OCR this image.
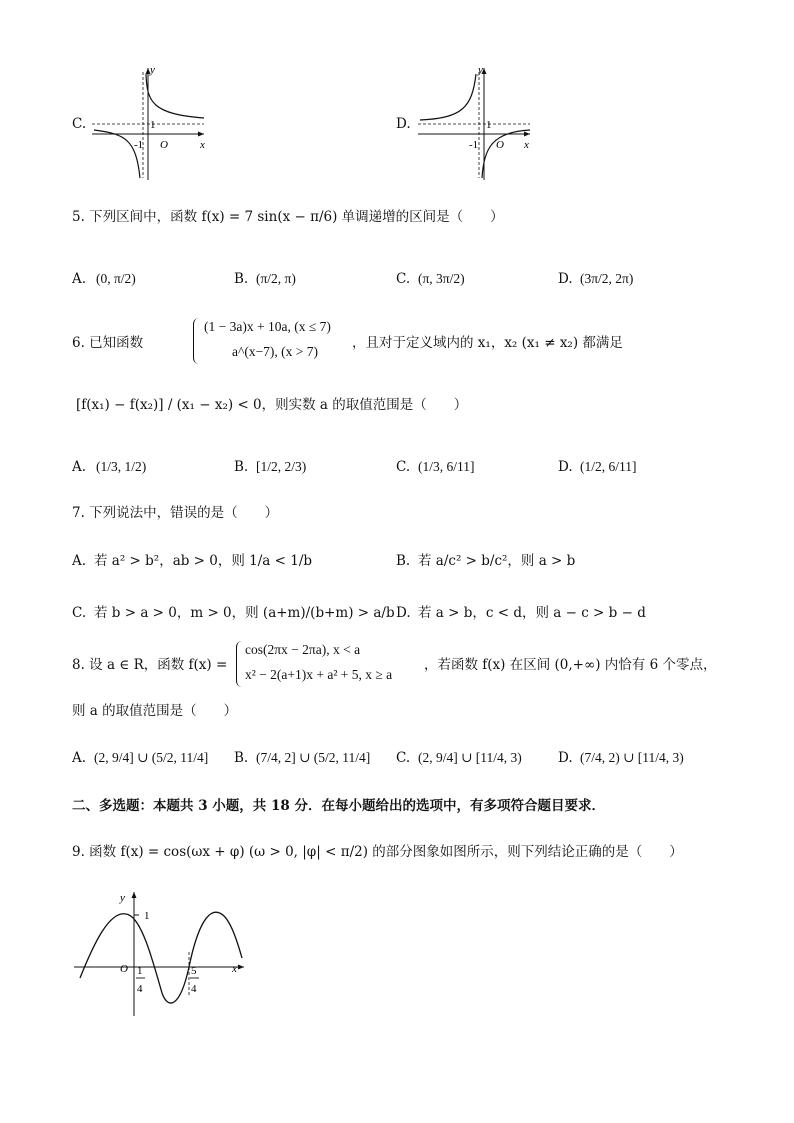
C.
y
x
O
-1
1	D.
y
x
O
-1
1
5. 下列区间中，函数 f(x) = 7 sin(x − π/6) 单调递增的区间是（　　）
A. (0, π/2)	B. (π/2, π)	C. (π, 3π/2)	D. (3π/2, 2π)
6. 已知函数
(1 − 3a)x + 10a, (x ≤ 7)
a^(x−7), (x > 7)
，且对于定义域内的 x₁，x₂ (x₁ ≠ x₂) 都满足
[f(x₁) − f(x₂)] / (x₁ − x₂) < 0，则实数 a 的取值范围是（　　）
A. (1/3, 1/2)	B. [1/2, 2/3)	C. (1/3, 6/11]	D. (1/2, 6/11]
7. 下列说法中，错误的是（　　）
A. 若 a² > b²，ab > 0，则 1/a < 1/b	B. 若 a/c² > b/c²，则 a > b
C. 若 b > a > 0，m > 0，则 (a+m)/(b+m) > a/b D. 若 a > b，c < d，则 a − c > b − d
8. 设 a ∈ R，函数 f(x) =
cos(2πx − 2πa), x < a
x² − 2(a+1)x + a² + 5, x ≥ a
，若函数 f(x) 在区间 (0,+∞) 内恰有 6 个零点，
则 a 的取值范围是（　　）
A. (2, 9/4] ∪ (5/2, 11/4] B. (7/4, 2] ∪ (5/2, 11/4] C. (2, 9/4] ∪ [11/4, 3)	D. (7/4, 2) ∪ [11/4, 3)
二、多选题：本题共 3 小题，共 18 分．在每小题给出的选项中，有多项符合题目要求．
9. 函数 f(x) = cos(ωx + φ) (ω > 0, |φ| < π/2) 的部分图象如图所示，则下列结论正确的是（　　）
y
1
O	x
1
4
5
4
